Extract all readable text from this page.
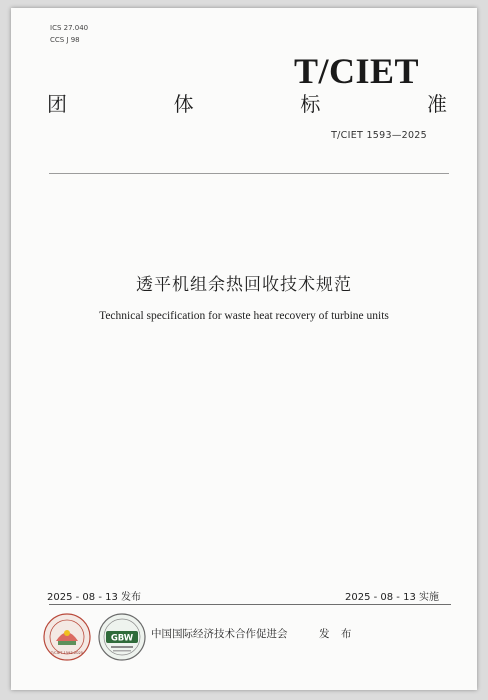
ICS 27.040
CCS J 98
T/CIET
团	体	标	准
T/CIET 1593—2025
透平机组余热回收技术规范
Technical specification for waste heat recovery of turbine units
2025 - 08 - 13 发布	2025 - 08 - 13 实施
T/CIET 1593-2025
GBW 中国国际经济技术合作促进会	发 布
